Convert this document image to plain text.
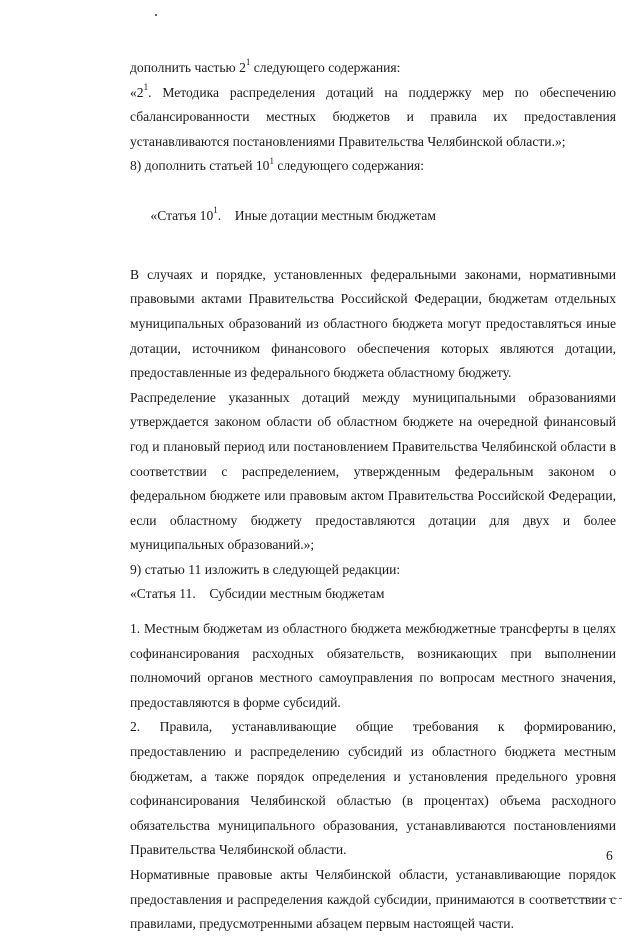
дополнить частью $2^1$ следующего содержания:

«$2^1$. Методика распределения дотаций на поддержку мер по обеспечению сбалансированности местных бюджетов и правила их предоставления устанавливаются постановлениями Правительства Челябинской области.»;

8) дополнить статьей $10^1$ следующего содержания:

«Статья $10^1$.    Иные дотации местным бюджетам

В случаях и порядке, установленных федеральными законами, нормативными правовыми актами Правительства Российской Федерации, бюджетам отдельных муниципальных образований из областного бюджета могут предоставляться иные дотации, источником финансового обеспечения которых являются дотации, предоставленные из федерального бюджета областному бюджету.

Распределение указанных дотаций между муниципальными образованиями утверждается законом области об областном бюджете на очередной финансовый год и плановый период или постановлением Правительства Челябинской области в соответствии с распределением, утвержденным федеральным законом о федеральном бюджете или правовым актом Правительства Российской Федерации, если областному бюджету предоставляются дотации для двух и более муниципальных образований.»;

9) статью 11 изложить в следующей редакции:

«Статья 11.    Субсидии местным бюджетам

1. Местным бюджетам из областного бюджета межбюджетные трансферты в целях софинансирования расходных обязательств, возникающих при выполнении полномочий органов местного самоуправления по вопросам местного значения, предоставляются в форме субсидий.

2. Правила, устанавливающие общие требования к формированию, предоставлению и распределению субсидий из областного бюджета местным бюджетам, а также порядок определения и установления предельного уровня софинансирования Челябинской областью (в процентах) объема расходного обязательства муниципального образования, устанавливаются постановлениями Правительства Челябинской области.

Нормативные правовые акты Челябинской области, устанавливающие порядок предоставления и распределения каждой субсидии, принимаются в соответствии с правилами, предусмотренными абзацем первым настоящей части.

6
